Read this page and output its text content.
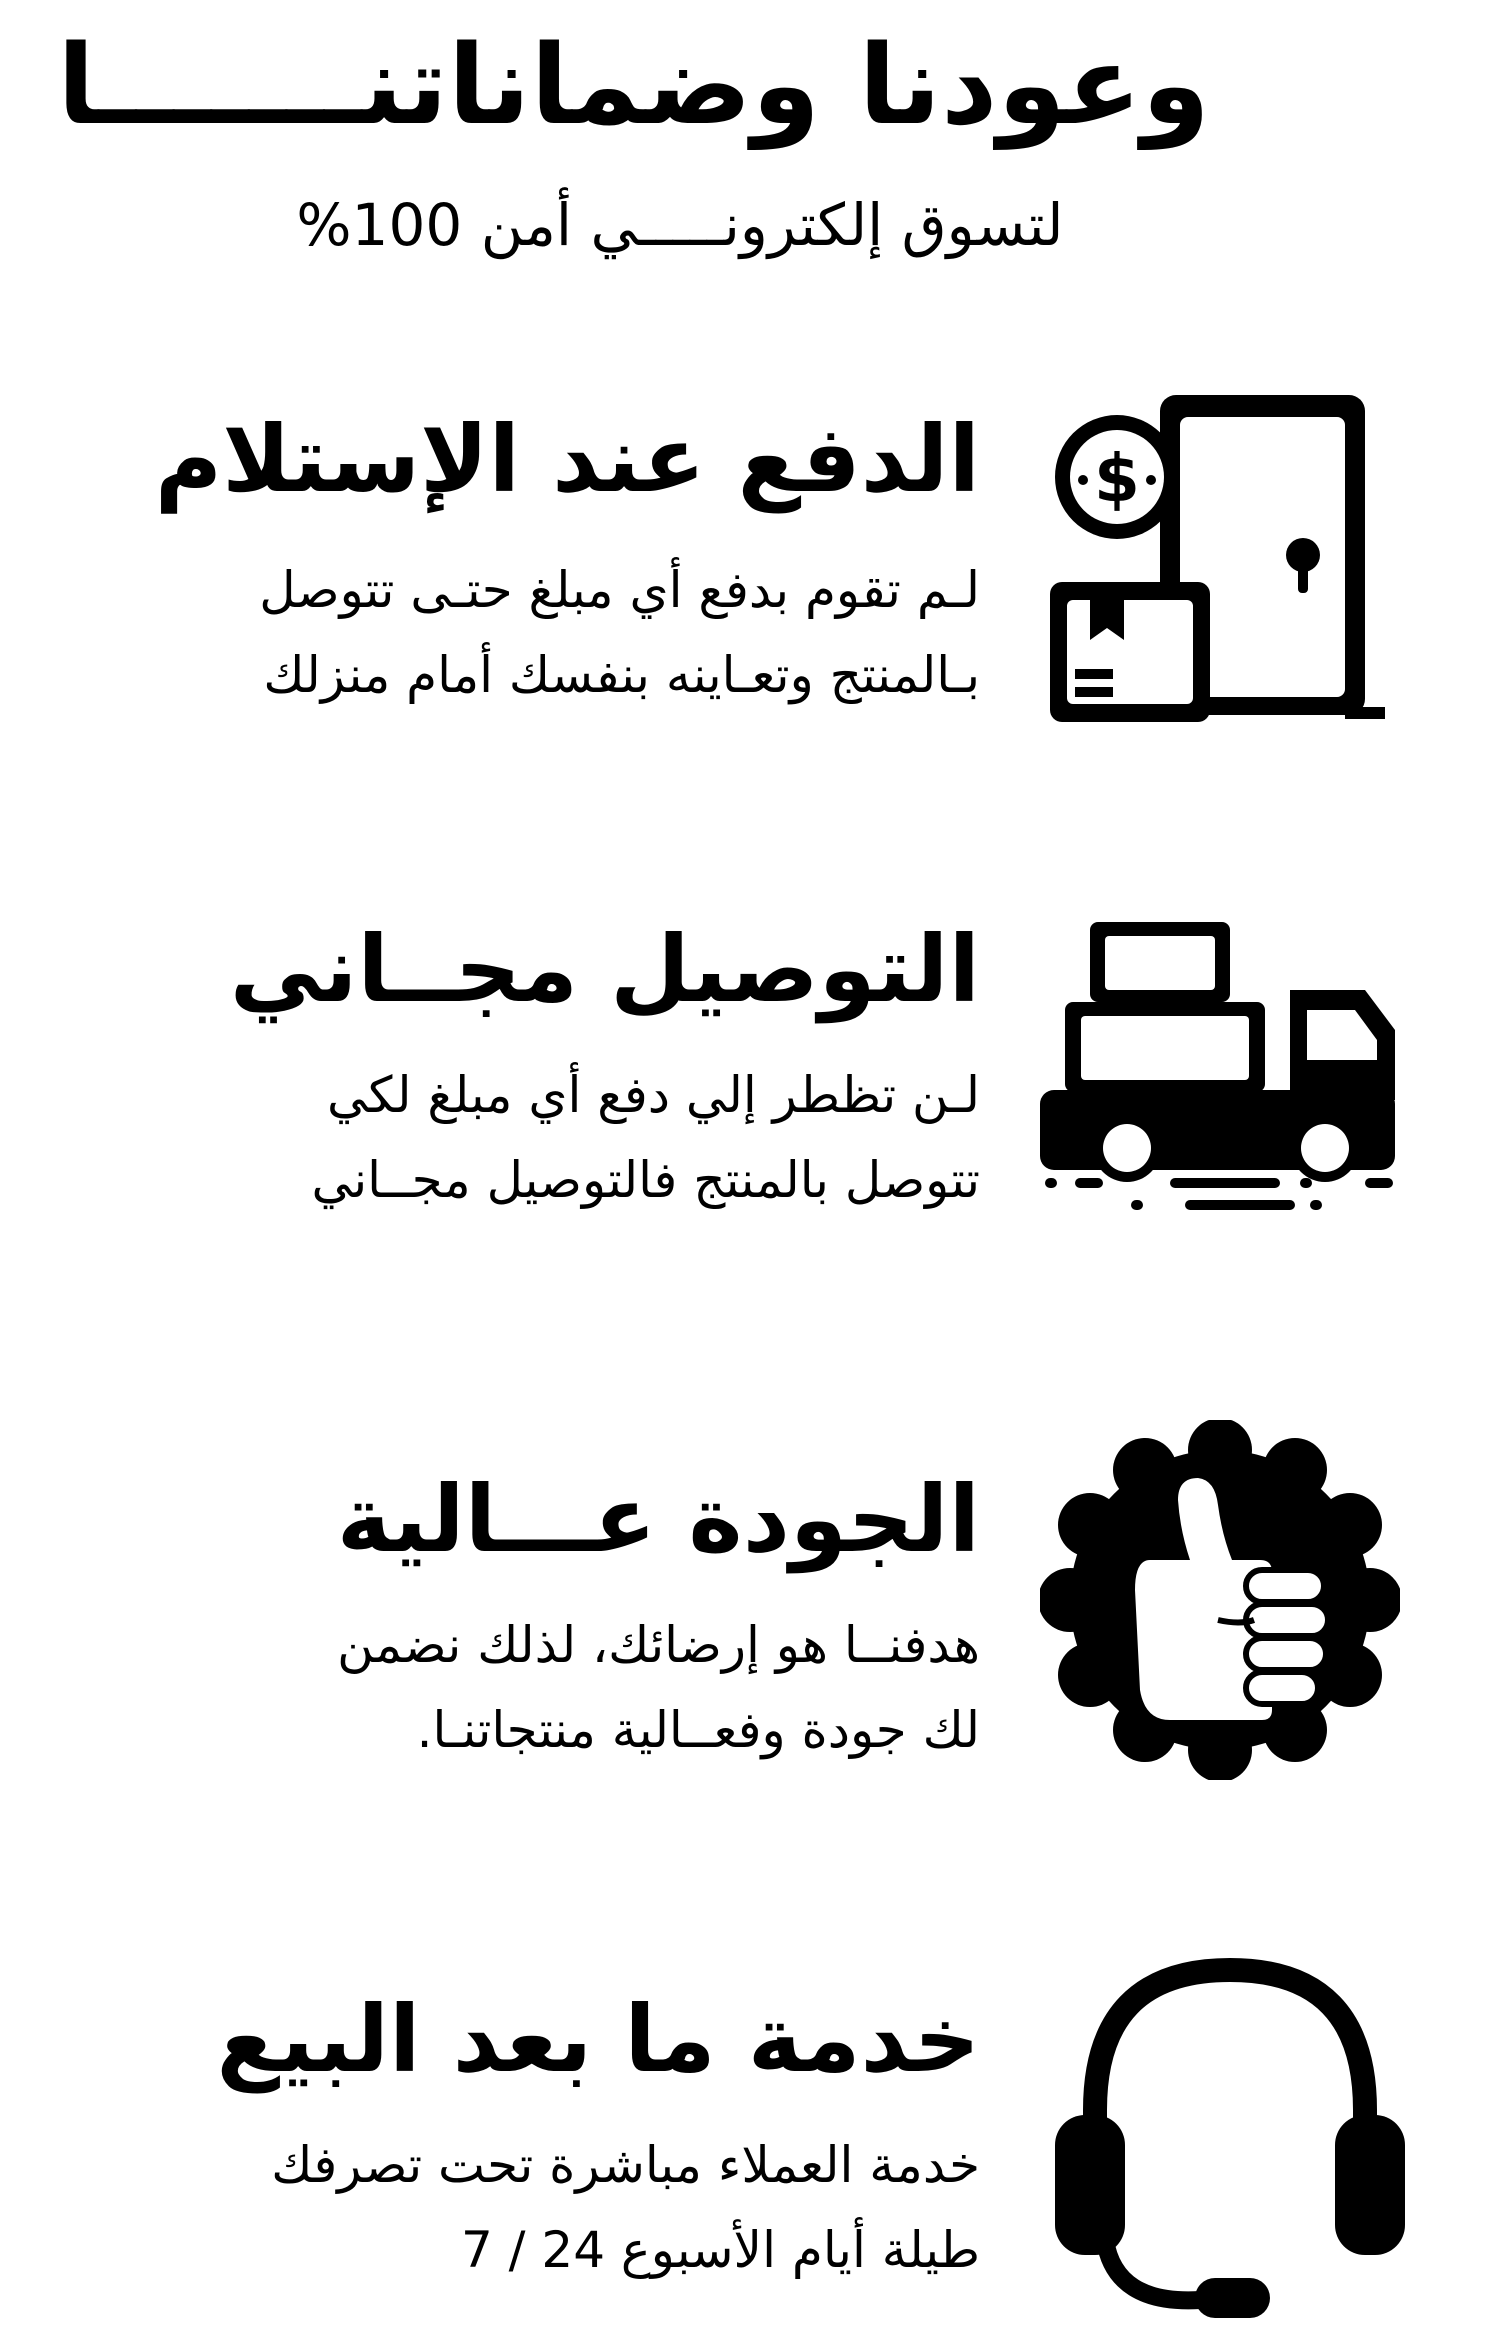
وعودنا وضماناتنـــــــا
لتسوق إلكترونـــــي أمن 100%
الدفع عند الإستلام
لـم تقوم بدفع أي مبلغ حتـى تتوصل
بـالمنتج وتعـاينه بنفسك أمام منزلك
$
التوصيل مجــاني
لـن تظطر إلي دفع أي مبلغ لكي
تتوصل بالمنتج فالتوصيل مجــاني
الجودة عـــالية
هدفنــا هو إرضائك، لذلك نضمن
لك جودة وفعــالية منتجاتنـا.
خدمة ما بعد البيع
خدمة العملاء مباشرة تحت تصرفك
طيلة أيام الأسبوع 24 / 7
